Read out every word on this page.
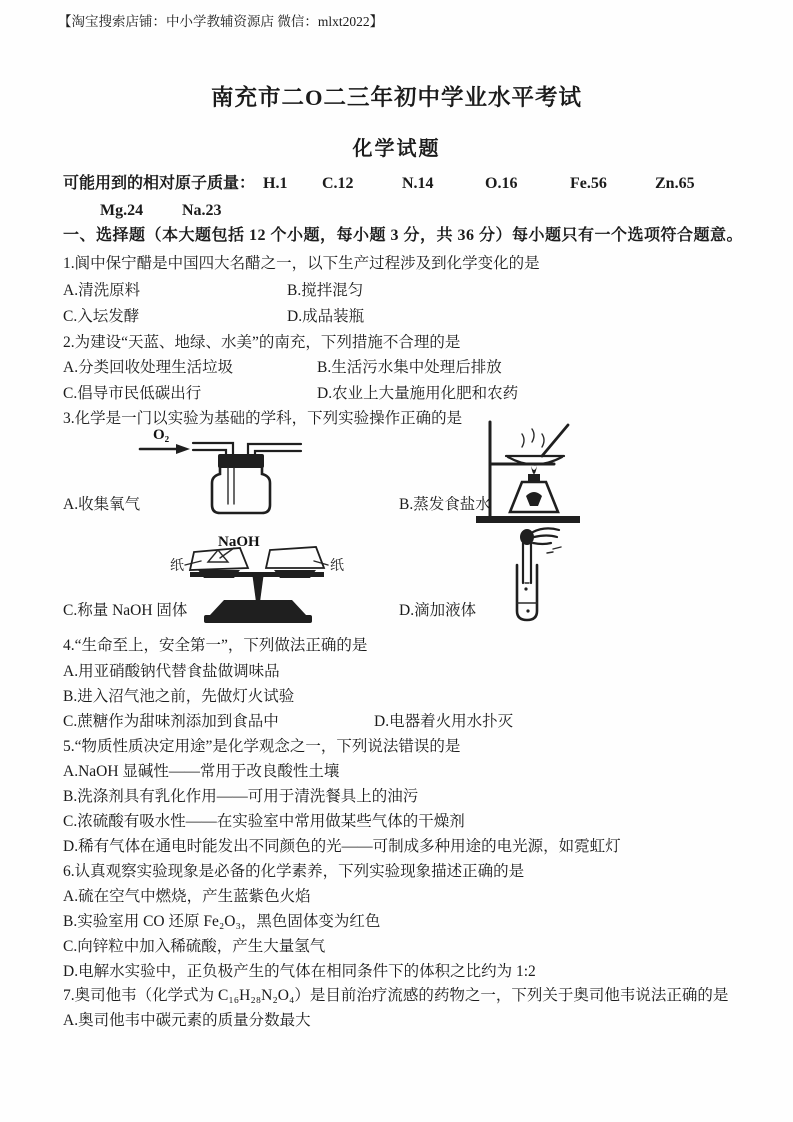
【淘宝搜索店铺：中小学教辅资源店 微信：mlxt2022】
南充市二O二三年初中学业水平考试
化学试题
可能用到的相对原子质量： H.1 C.12	N.14	O.16	Fe.56	Zn.65
Mg.24 Na.23
一、选择题（本大题包括 12 个小题，每小题 3 分，共 36 分）每小题只有一个选项符合题意。
1.阆中保宁醋是中国四大名醋之一，以下生产过程涉及到化学变化的是
A.清洗原料	B.搅拌混匀
C.入坛发酵	D.成品装瓶
2.为建设“天蓝、地绿、水美”的南充，下列措施不合理的是
A.分类回收处理生活垃圾	B.生活污水集中处理后排放
C.倡导市民低碳出行	D.农业上大量施用化肥和农药
3.化学是一门以实验为基础的学科，下列实验操作正确的是
O₂
A.收集氧气	B.蒸发食盐水
NaOH
纸	纸
C.称量 NaOH 固体	D.滴加液体
4.“生命至上，安全第一”，下列做法正确的是
A.用亚硝酸钠代替食盐做调味品
B.进入沼气池之前，先做灯火试验
C.蔗糖作为甜味剂添加到食品中	D.电器着火用水扑灭
5.“物质性质决定用途”是化学观念之一，下列说法错误的是
A.NaOH 显碱性——常用于改良酸性土壤
B.洗涤剂具有乳化作用——可用于清洗餐具上的油污
C.浓硫酸有吸水性——在实验室中常用做某些气体的干燥剂
D.稀有气体在通电时能发出不同颜色的光——可制成多种用途的电光源，如霓虹灯
6.认真观察实验现象是必备的化学素养，下列实验现象描述正确的是
A.硫在空气中燃烧，产生蓝紫色火焰
B.实验室用 CO 还原 Fe₂O₃，黑色固体变为红色
C.向锌粒中加入稀硫酸，产生大量氢气
D.电解水实验中，正负极产生的气体在相同条件下的体积之比约为 1:2
7.奥司他韦（化学式为 C₁₆H₂₈N₂O₄）是目前治疗流感的药物之一，下列关于奥司他韦说法正确的是
A.奥司他韦中碳元素的质量分数最大
